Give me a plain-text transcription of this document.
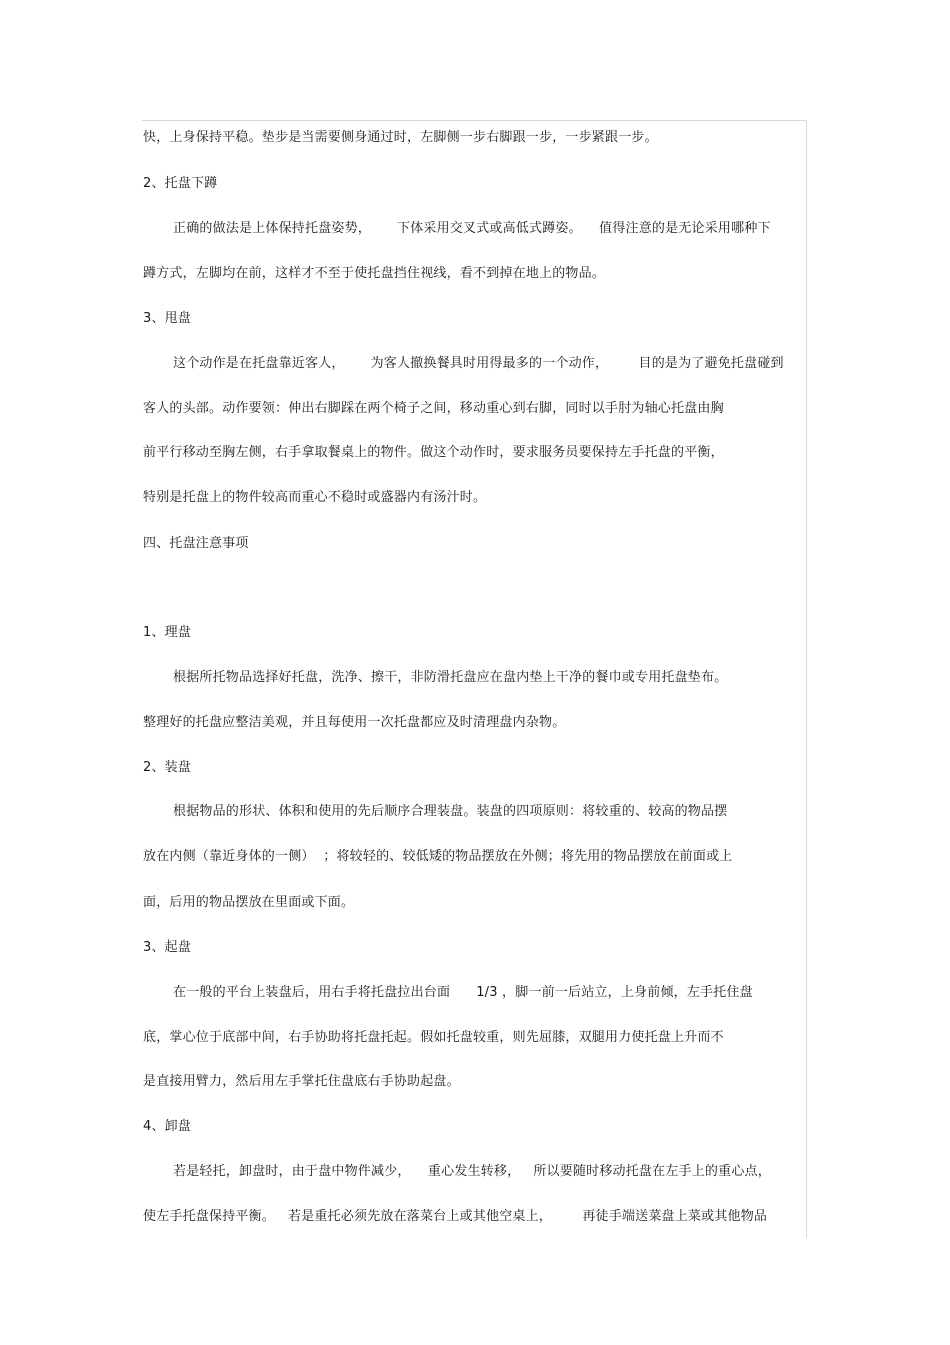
快，上身保持平稳。垫步是当需要侧身通过时，左脚侧一步右脚跟一步，一步紧跟一步。
2、托盘下蹲
正确的做法是上体保持托盘姿势，      下体采用交叉式或高低式蹲姿。    值得注意的是无论采用哪种下
蹲方式，左脚均在前，这样才不至于使托盘挡住视线，看不到掉在地上的物品。
3、甩盘
这个动作是在托盘靠近客人，      为客人撤换餐具时用得最多的一个动作，       目的是为了避免托盘碰到
客人的头部。动作要领：伸出右脚踩在两个椅子之间，移动重心到右脚，同时以手肘为轴心托盘由胸
前平行移动至胸左侧，右手拿取餐桌上的物件。做这个动作时，要求服务员要保持左手托盘的平衡，
特别是托盘上的物件较高而重心不稳时或盛器内有汤汁时。
四、托盘注意事项
1、理盘
根据所托物品选择好托盘，洗净、擦干，非防滑托盘应在盘内垫上干净的餐巾或专用托盘垫布。
整理好的托盘应整洁美观，并且每使用一次托盘都应及时清理盘内杂物。
2、装盘
根据物品的形状、体积和使用的先后顺序合理装盘。装盘的四项原则：将较重的、较高的物品摆
放在内侧（靠近身体的一侧）  ；将较轻的、较低矮的物品摆放在外侧；将先用的物品摆放在前面或上
面，后用的物品摆放在里面或下面。
3、起盘
在一般的平台上装盘后，用右手将托盘拉出台面      1/3 ，脚一前一后站立，上身前倾，左手托住盘
底，掌心位于底部中间，右手协助将托盘托起。假如托盘较重，则先屈膝，双腿用力使托盘上升而不
是直接用臂力，然后用左手掌托住盘底右手协助起盘。
4、卸盘
若是轻托，卸盘时，由于盘中物件减少，    重心发生转移，   所以要随时移动托盘在左手上的重心点，
使左手托盘保持平衡。   若是重托必须先放在落菜台上或其他空桌上，       再徒手端送菜盘上菜或其他物品
